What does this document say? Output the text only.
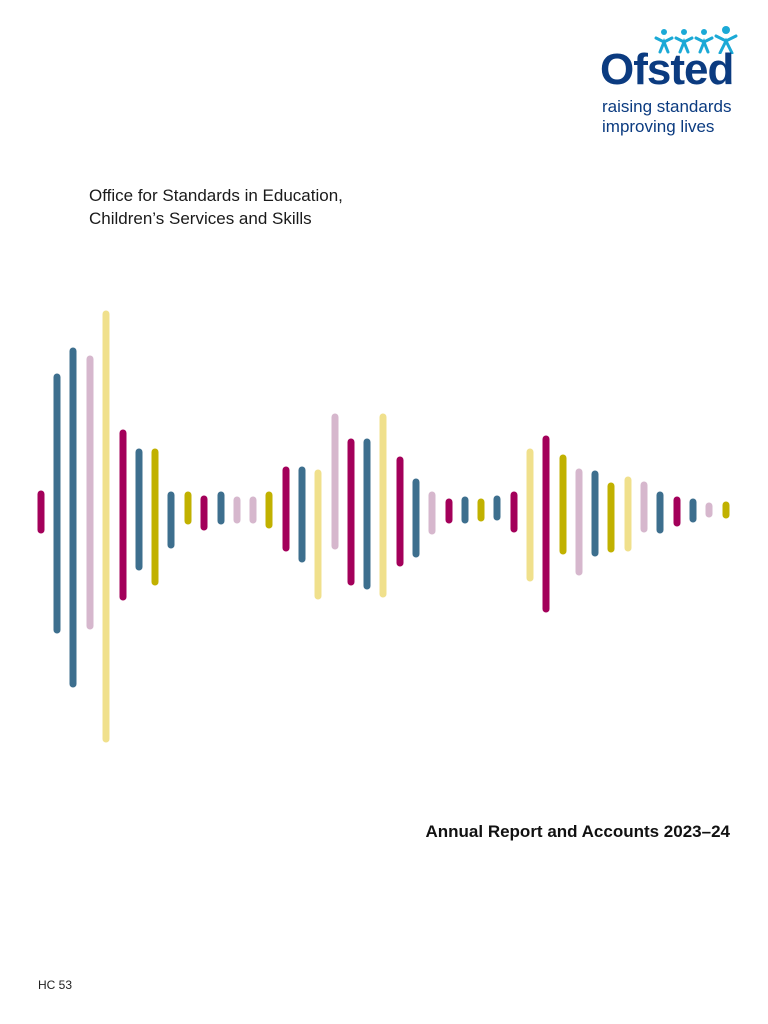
Ofsted
raising standards
improving lives
Office for Standards in Education,
Children’s Services and Skills
Annual Report and Accounts 2023–24
HC 53
